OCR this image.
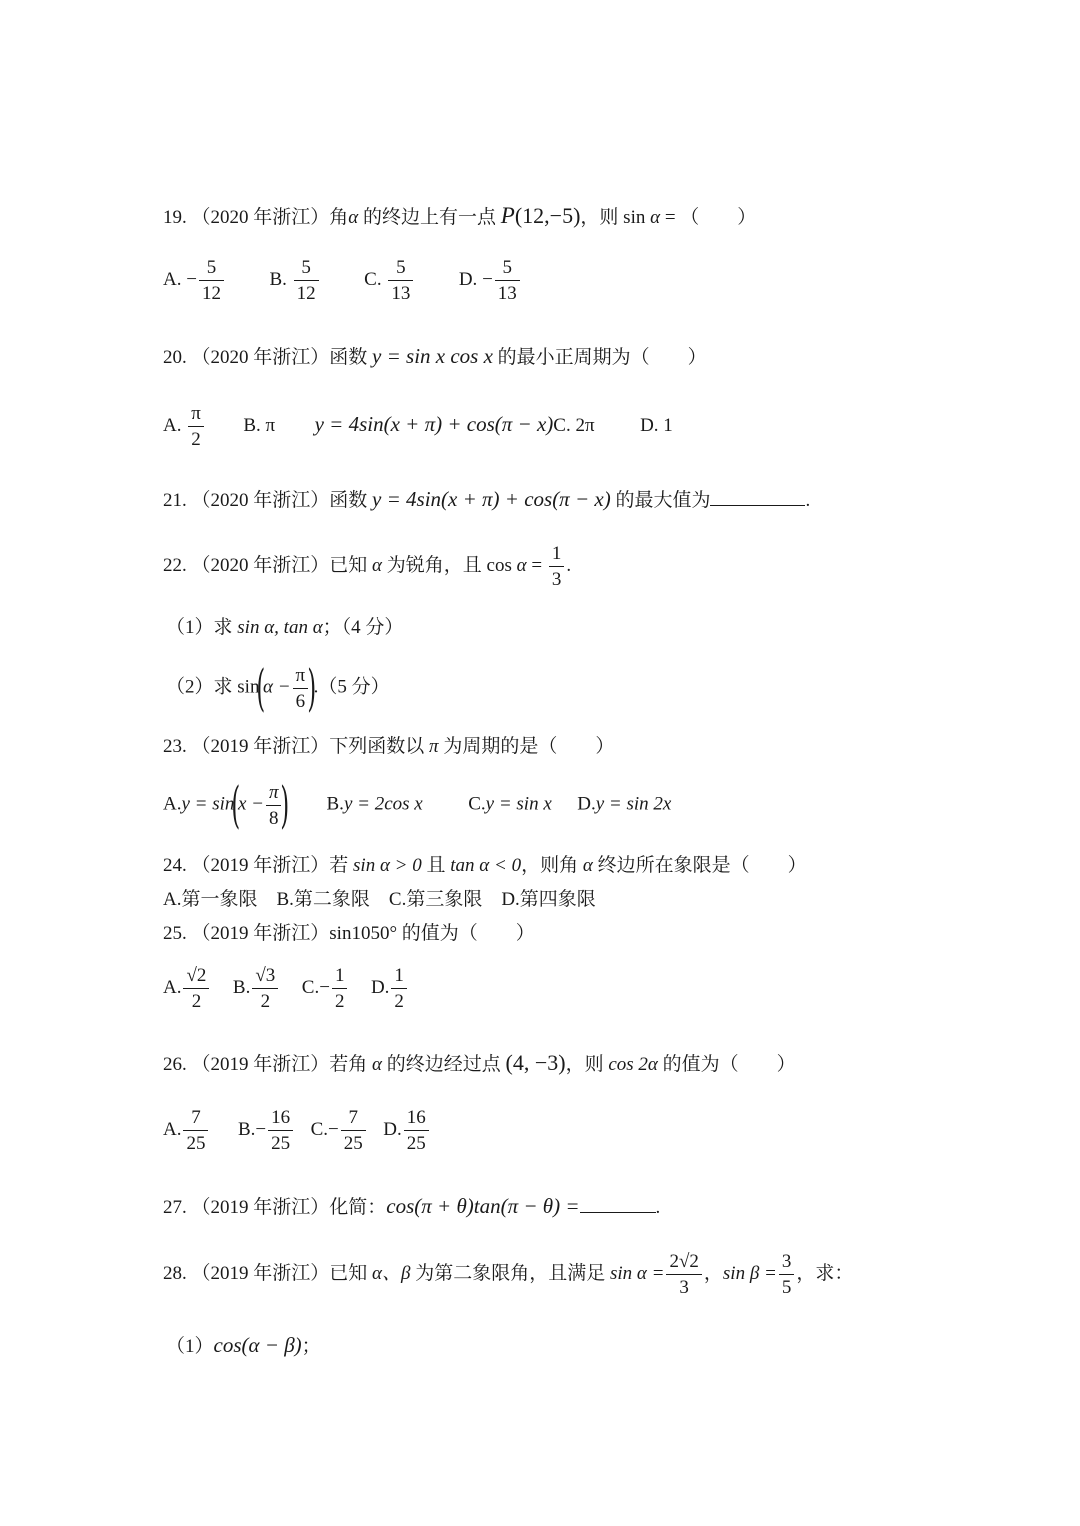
19. （2020 年浙江）角α 的终边上有一点 P(12,−5)，则 sin α = （　　）
A. − $\frac{5}{12} B$. $\frac{5}{12} C$. $\frac{5}{13} D$. − $\frac{5}{13}$
20. （2020 年浙江）函数 y = sin x cos x 的最小正周期为（　　）
A. $\frac{\pi}{2} B$. π y = 4sin(x + π) + cos(π − x)C. 2π D. 1
21. （2020 年浙江）函数 y = 4sin(x + π) + cos(π − x) 的最大值为	.
22. （2020 年浙江）已知 α 为锐角，且 $\cos \alpha = \frac{1}{3}$ .
（1）求 sin α, tan α；（4 分）
（2）求 $\sin(\alpha - \frac{\pi}{6} ).(5$ 分）
23. （2019 年浙江）下列函数以 π 为周期的是（　　）
$A.y = \sin(x - \frac{\pi}{8}$ ) B.y = 2cos x C.y = sin x D.y = sin 2x
24. （2019 年浙江）若 sin α > 0 且 tan α < 0，则角 α 终边所在象限是（　　）
A.第一象限　B.第二象限　C.第三象限　D.第四象限
25. （2019 年浙江）sin1050° 的值为（　　）
A. $\frac{√2}{2} B$. $\frac{√3}{2} C.- \frac{1}{2} D$. $\frac{1}{2}$
26. （2019 年浙江）若角 α 的终边经过点 (4, −3)，则 cos 2α 的值为（　　）
A. $\frac{7}{25} B.- \frac{16}{25} C.- \frac{7}{25} D$. $\frac{16}{25}$
27. （2019 年浙江）化简：cos(π + θ)tan(π − θ) =	.
28. （2019 年浙江）已知 α、β 为第二象限角，且满足 $\sin \alpha = \frac{2√2}{3}$ ，$\sin \beta = \frac{3}{5}$ ，求：
（1）cos(α − β)；
